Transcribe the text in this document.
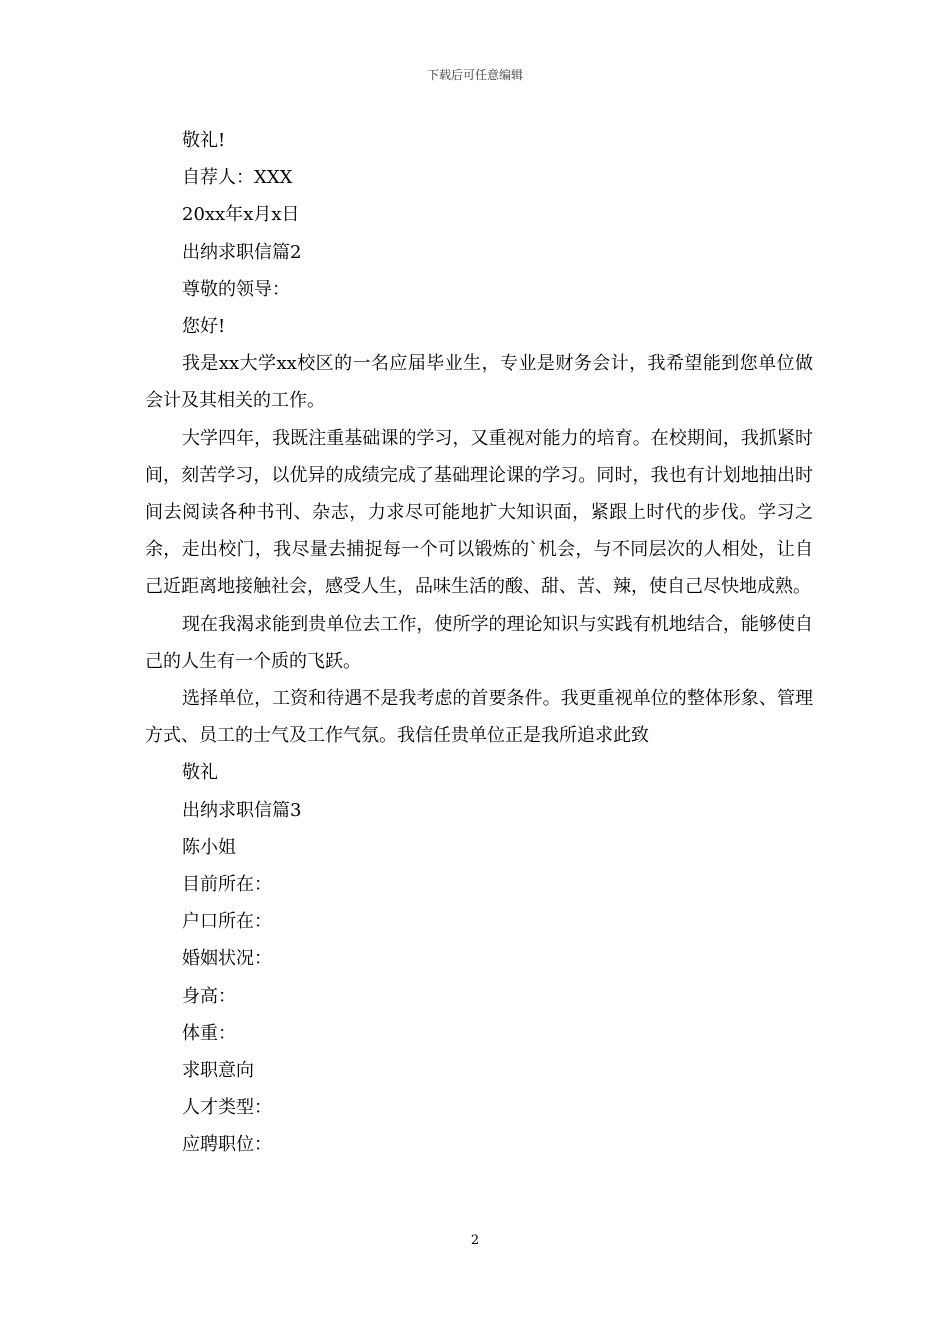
下载后可任意编辑
敬礼!
自荐人：XXX
20xx年x月x日
出纳求职信篇2
尊敬的领导：
您好!

我是xx大学xx校区的一名应届毕业生，专业是财务会计，我希望能到您单位做会计及其相关的工作。

大学四年，我既注重基础课的学习，又重视对能力的培育。在校期间，我抓紧时间，刻苦学习，以优异的成绩完成了基础理论课的学习。同时，我也有计划地抽出时间去阅读各种书刊、杂志，力求尽可能地扩大知识面，紧跟上时代的步伐。学习之余，走出校门，我尽量去捕捉每一个可以锻炼的`机会，与不同层次的人相处，让自己近距离地接触社会，感受人生，品味生活的酸、甜、苦、辣，使自己尽快地成熟。

现在我渴求能到贵单位去工作，使所学的理论知识与实践有机地结合，能够使自己的人生有一个质的飞跃。

选择单位，工资和待遇不是我考虑的首要条件。我更重视单位的整体形象、管理方式、员工的士气及工作气氛。我信任贵单位正是我所追求此致

敬礼
出纳求职信篇3
陈小姐
目前所在：
户口所在：
婚姻状况：
身高：
体重：
求职意向
人才类型：
应聘职位：
2
